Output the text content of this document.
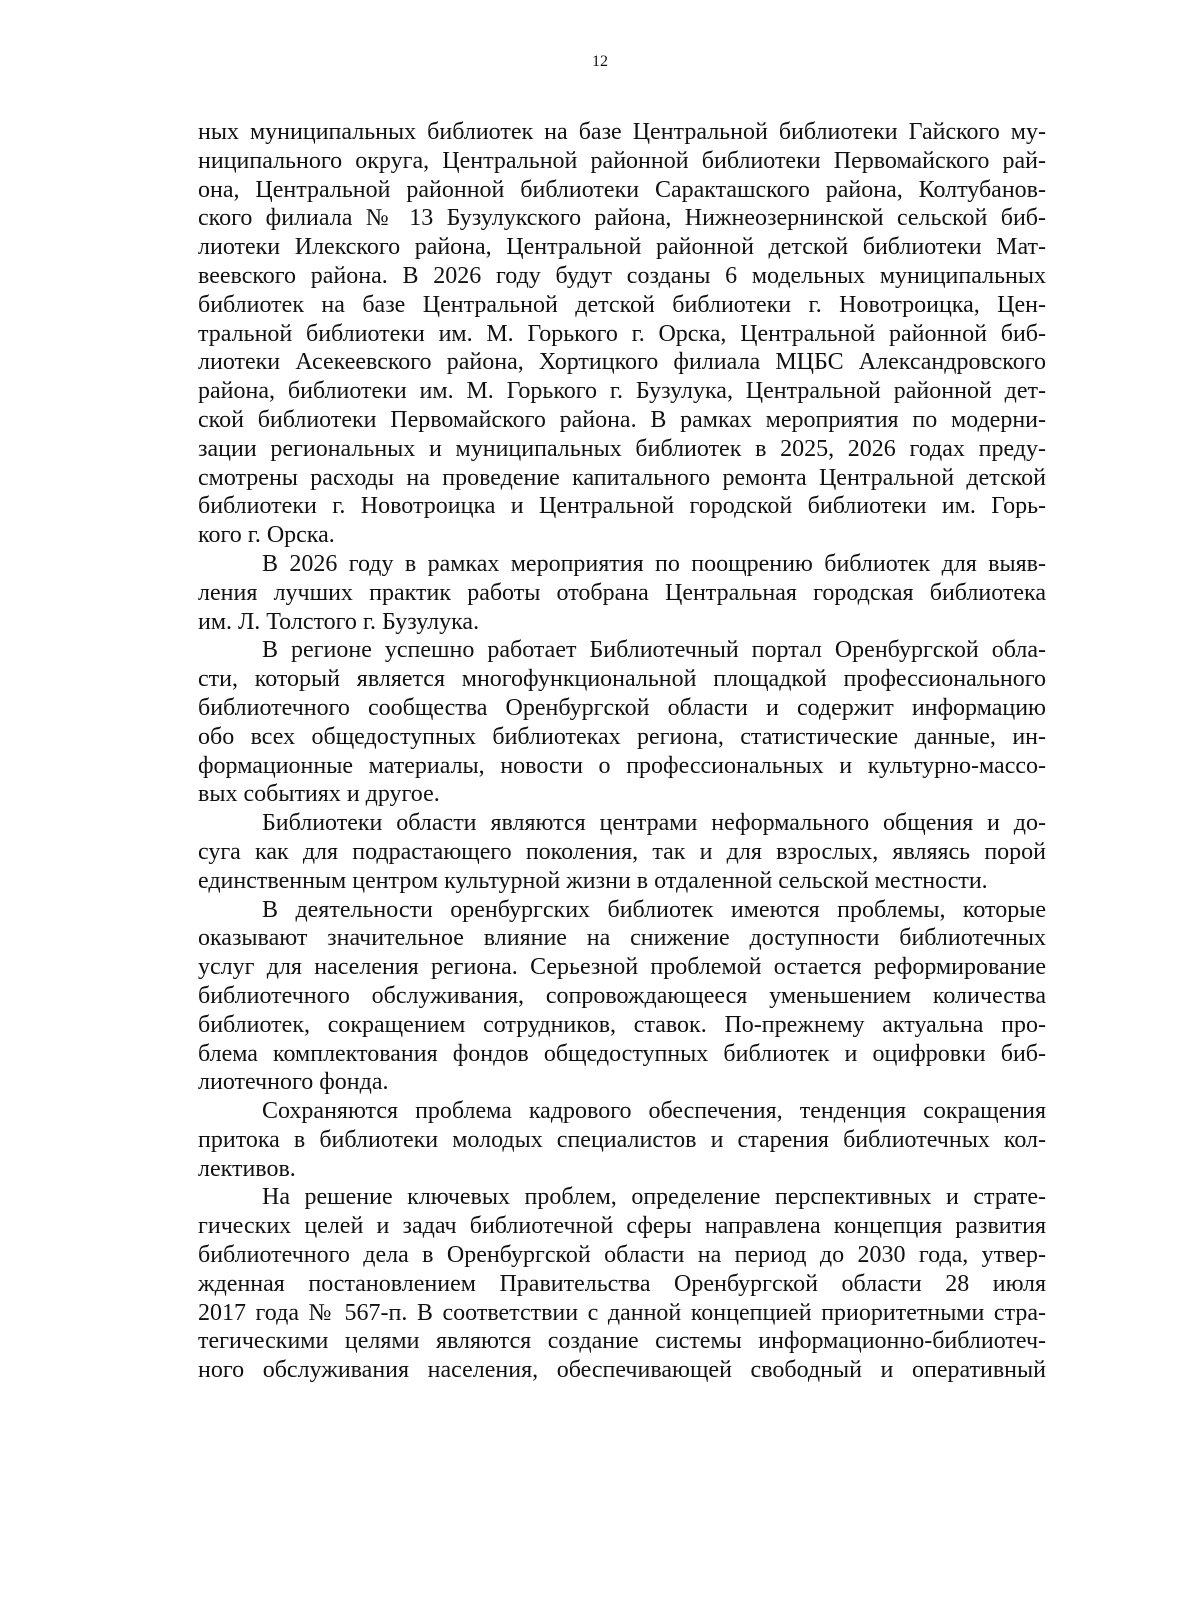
12
ных муниципальных библиотек на базе Центральной библиотеки Гайского му-
ниципального округа, Центральной районной библиотеки Первомайского рай-
она, Центральной районной библиотеки Саракташского района, Колтубанов-
ского филиала № 13 Бузулукского района, Нижнеозернинской сельской биб-
лиотеки Илекского района, Центральной районной детской библиотеки Мат-
веевского района. В 2026 году будут созданы 6 модельных муниципальных
библиотек на базе Центральной детской библиотеки г. Новотроицка, Цен-
тральной библиотеки им. М. Горького г. Орска, Центральной районной биб-
лиотеки Асекеевского района, Хортицкого филиала МЦБС Александровского
района, библиотеки им. М. Горького г. Бузулука, Центральной районной дет-
ской библиотеки Первомайского района. В рамках мероприятия по модерни-
зации региональных и муниципальных библиотек в 2025, 2026 годах преду-
смотрены расходы на проведение капитального ремонта Центральной детской
библиотеки г. Новотроицка и Центральной городской библиотеки им. Горь-
кого г. Орска.
В 2026 году в рамках мероприятия по поощрению библиотек для выяв-
ления лучших практик работы отобрана Центральная городская библиотека
им. Л. Толстого г. Бузулука.
В регионе успешно работает Библиотечный портал Оренбургской обла-
сти, который является многофункциональной площадкой профессионального
библиотечного сообщества Оренбургской области и содержит информацию
обо всех общедоступных библиотеках региона, статистические данные, ин-
формационные материалы, новости о профессиональных и культурно-массо-
вых событиях и другое.
Библиотеки области являются центрами неформального общения и до-
суга как для подрастающего поколения, так и для взрослых, являясь порой
единственным центром культурной жизни в отдаленной сельской местности.
В деятельности оренбургских библиотек имеются проблемы, которые
оказывают значительное влияние на снижение доступности библиотечных
услуг для населения региона. Серьезной проблемой остается реформирование
библиотечного обслуживания, сопровождающееся уменьшением количества
библиотек, сокращением сотрудников, ставок. По-прежнему актуальна про-
блема комплектования фондов общедоступных библиотек и оцифровки биб-
лиотечного фонда.
Сохраняются проблема кадрового обеспечения, тенденция сокращения
притока в библиотеки молодых специалистов и старения библиотечных кол-
лективов.
На решение ключевых проблем, определение перспективных и страте-
гических целей и задач библиотечной сферы направлена концепция развития
библиотечного дела в Оренбургской области на период до 2030 года, утвер-
жденная постановлением Правительства Оренбургской области 28 июля
2017 года № 567-п. В соответствии с данной концепцией приоритетными стра-
тегическими целями являются создание системы информационно-библиотеч-
ного обслуживания населения, обеспечивающей свободный и оперативный
